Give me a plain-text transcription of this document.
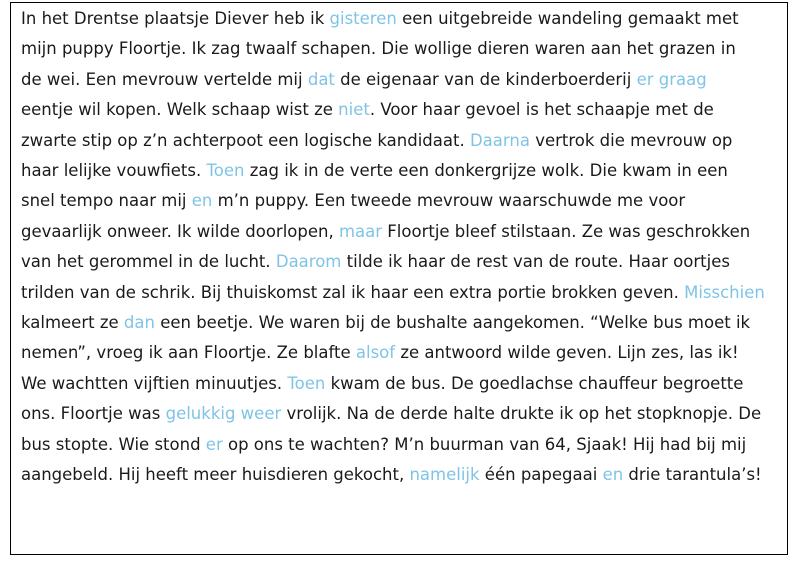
In het Drentse plaatsje Diever heb ik gisteren een uitgebreide wandeling gemaakt met
mijn puppy Floortje. Ik zag twaalf schapen. Die wollige dieren waren aan het grazen in
de wei. Een mevrouw vertelde mij dat de eigenaar van de kinderboerderij er graag
eentje wil kopen. Welk schaap wist ze niet. Voor haar gevoel is het schaapje met de
zwarte stip op z’n achterpoot een logische kandidaat. Daarna vertrok die mevrouw op
haar lelijke vouwfiets. Toen zag ik in de verte een donkergrijze wolk. Die kwam in een
snel tempo naar mij en m’n puppy. Een tweede mevrouw waarschuwde me voor
gevaarlijk onweer. Ik wilde doorlopen, maar Floortje bleef stilstaan. Ze was geschrokken
van het gerommel in de lucht. Daarom tilde ik haar de rest van de route. Haar oortjes
trilden van de schrik. Bij thuiskomst zal ik haar een extra portie brokken geven. Misschien
kalmeert ze dan een beetje. We waren bij de bushalte aangekomen. “Welke bus moet ik
nemen”, vroeg ik aan Floortje. Ze blafte alsof ze antwoord wilde geven. Lijn zes, las ik!
We wachtten vijftien minuutjes. Toen kwam de bus. De goedlachse chauffeur begroette
ons. Floortje was gelukkig weer vrolijk. Na de derde halte drukte ik op het stopknopje. De
bus stopte. Wie stond er op ons te wachten? M’n buurman van 64, Sjaak! Hij had bij mij
aangebeld. Hij heeft meer huisdieren gekocht, namelijk één papegaai en drie tarantula’s!
